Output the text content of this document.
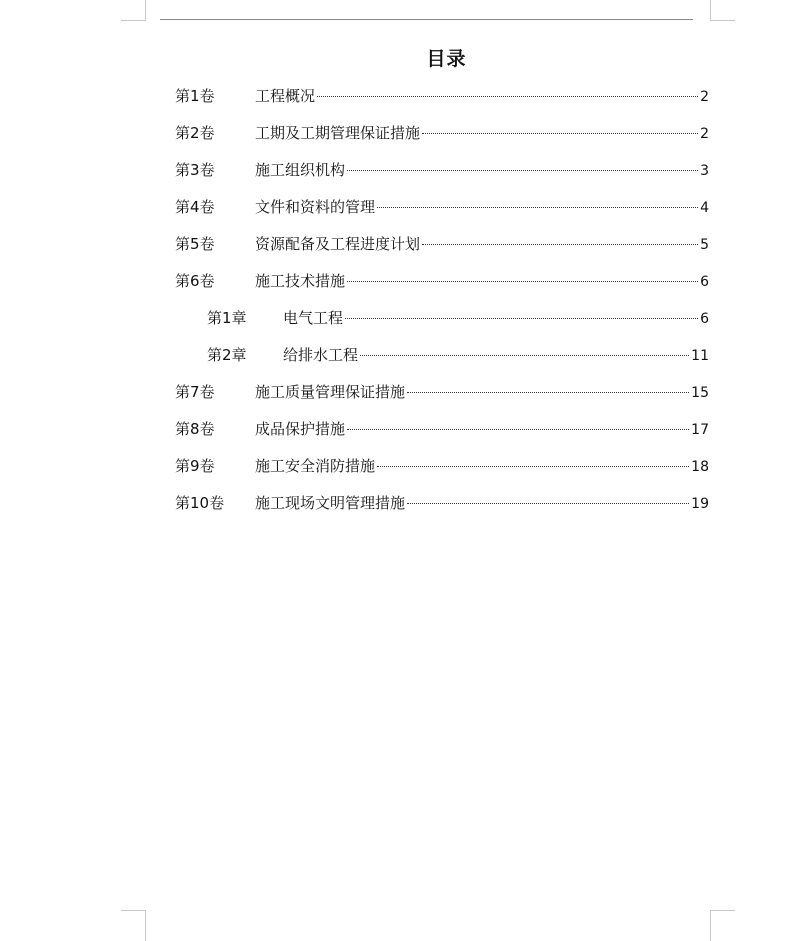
目录
第1卷	工程概况	2
第2卷	工期及工期管理保证措施	2
第3卷	施工组织机构	3
第4卷	文件和资料的管理	4
第5卷	资源配备及工程进度计划	5
第6卷	施工技术措施	6
第1章	电气工程	6
第2章	给排水工程	11
第7卷	施工质量管理保证措施	15
第8卷	成品保护措施	17
第9卷	施工安全消防措施	18
第10卷	施工现场文明管理措施	19
